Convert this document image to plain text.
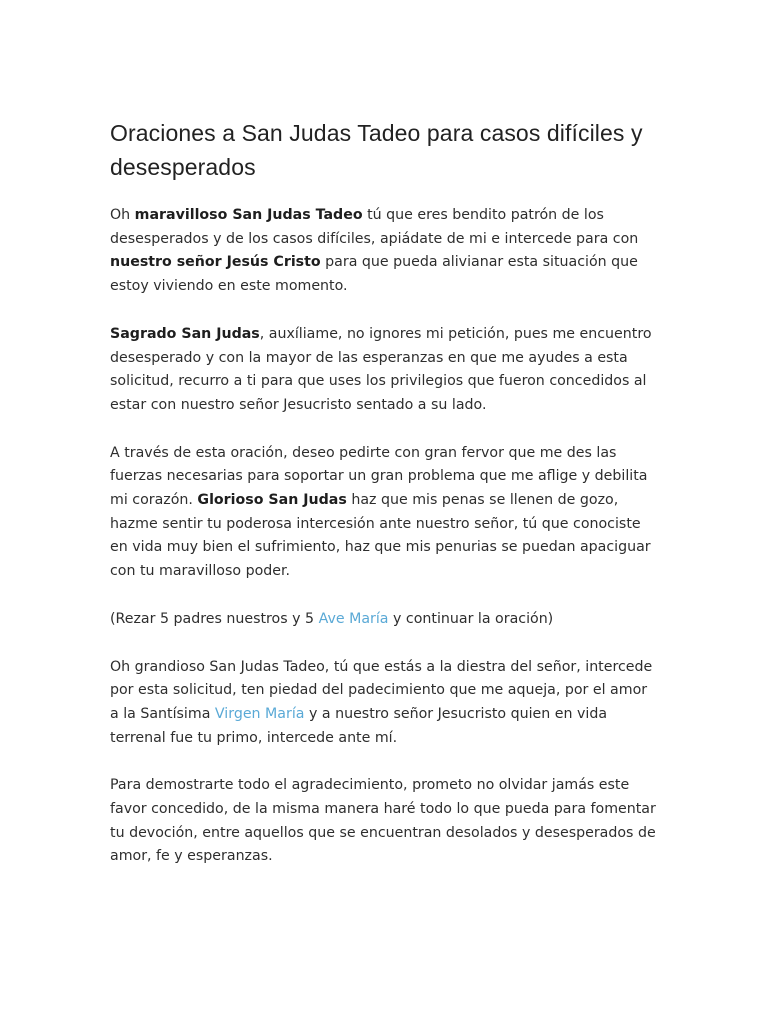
Oraciones a San Judas Tadeo para casos difíciles y desesperados

Oh maravilloso San Judas Tadeo tú que eres bendito patrón de los desesperados y de los casos difíciles, apiádate de mi e intercede para con nuestro señor Jesús Cristo para que pueda alivianar esta situación que estoy viviendo en este momento.

Sagrado San Judas, auxíliame, no ignores mi petición, pues me encuentro desesperado y con la mayor de las esperanzas en que me ayudes a esta solicitud, recurro a ti para que uses los privilegios que fueron concedidos al estar con nuestro señor Jesucristo sentado a su lado.

A través de esta oración, deseo pedirte con gran fervor que me des las fuerzas necesarias para soportar un gran problema que me aflige y debilita mi corazón. Glorioso San Judas haz que mis penas se llenen de gozo, hazme sentir tu poderosa intercesión ante nuestro señor, tú que conociste en vida muy bien el sufrimiento, haz que mis penurias se puedan apaciguar con tu maravilloso poder.

(Rezar 5 padres nuestros y 5 Ave María y continuar la oración)

Oh grandioso San Judas Tadeo, tú que estás a la diestra del señor, intercede por esta solicitud, ten piedad del padecimiento que me aqueja, por el amor a la Santísima Virgen María y a nuestro señor Jesucristo quien en vida terrenal fue tu primo, intercede ante mí.

Para demostrarte todo el agradecimiento, prometo no olvidar jamás este favor concedido, de la misma manera haré todo lo que pueda para fomentar tu devoción, entre aquellos que se encuentran desolados y desesperados de amor, fe y esperanzas.
